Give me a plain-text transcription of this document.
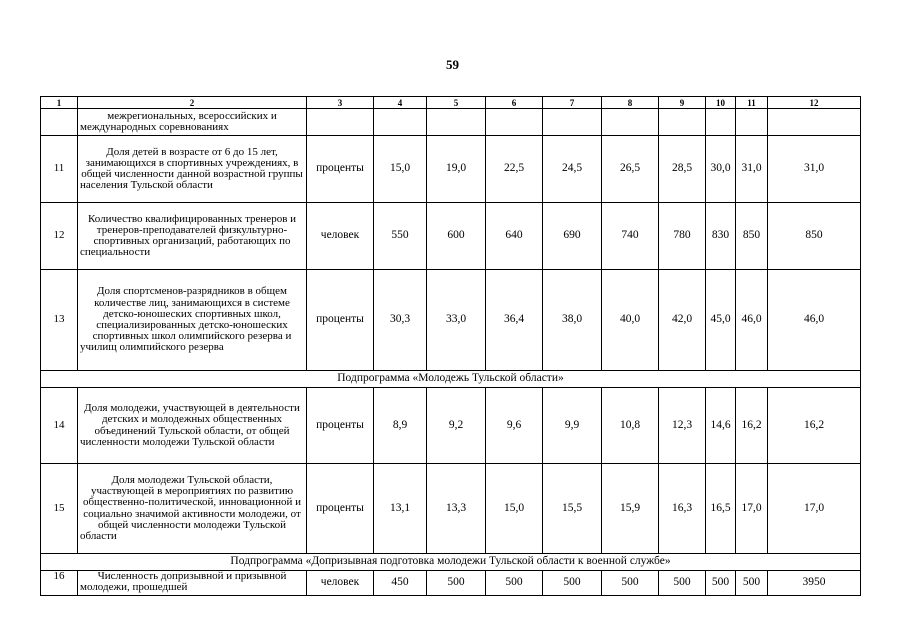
59
1	2	3	4	5	6	7	8	9	10	11	12
	межрегиональных, всероссийских и международных соревнованиях										
11	Доля детей в возрасте от 6 до 15 лет, занимающихся в спортивных учреждениях, в общей численности данной возрастной группы населения Тульской области	проценты	15,0	19,0	22,5	24,5	26,5	28,5	30,0	31,0	31,0
12	Количество квалифицированных тренеров и тренеров-преподавателей физкультурно-спортивных организаций, работающих по специальности	человек	550	600	640	690	740	780	830	850	850
13	Доля спортсменов-разрядников в общем количестве лиц, занимающихся в системе детско-юношеских спортивных школ, специализированных детско-юношеских спортивных школ олимпийского резерва и училищ олимпийского резерва	проценты	30,3	33,0	36,4	38,0	40,0	42,0	45,0	46,0	46,0
Подпрограмма «Молодежь Тульской области»											
14	Доля молодежи, участвующей в деятельности детских и молодежных общественных объединений Тульской области, от общей численности молодежи Тульской области	проценты	8,9	9,2	9,6	9,9	10,8	12,3	14,6	16,2	16,2
15	Доля молодежи Тульской области, участвующей в мероприятиях по развитию общественно-политической, инновационной и социально значимой активности молодежи, от общей численности молодежи Тульской области	проценты	13,1	13,3	15,0	15,5	15,9	16,3	16,5	17,0	17,0
Подпрограмма «Допризывная подготовка молодежи Тульской области к военной службе»											
16	Численность допризывной и призывной молодежи, прошедшей	человек	450	500	500	500	500	500	500	500	3950
